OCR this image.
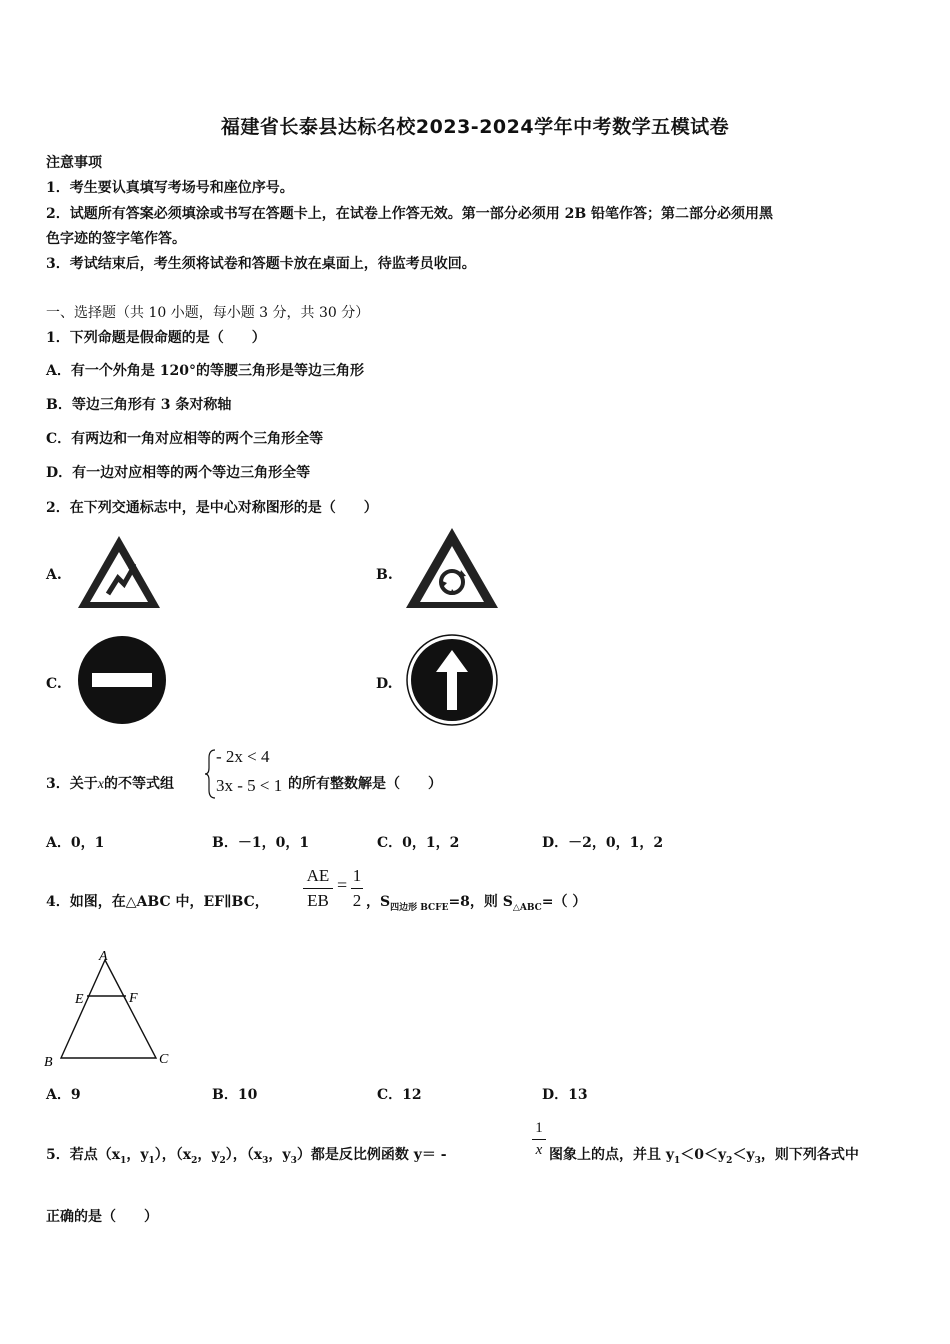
福建省长泰县达标名校2023-2024学年中考数学五模试卷
注意事项
1．考生要认真填写考场号和座位序号。
2．试题所有答案必须填涂或书写在答题卡上，在试卷上作答无效。第一部分必须用 2B 铅笔作答；第二部分必须用黑
色字迹的签字笔作答。
3．考试结束后，考生须将试卷和答题卡放在桌面上，待监考员收回。
一、选择题（共 10 小题，每小题 3 分，共 30 分）
1．下列命题是假命题的是（　　）
A．有一个外角是 120°的等腰三角形是等边三角形
B．等边三角形有 3 条对称轴
C．有两边和一角对应相等的两个三角形全等
D．有一边对应相等的两个等边三角形全等
2．在下列交通标志中，是中心对称图形的是（　　）
A.	B.
C.	D.
3．关于x的不等式组
- 2x < 4
3x - 5 < 1 的所有整数解是（　　）
A．0，1	B．－1，0，1	C．0，1，2	D．－2，0，1，2
4．如图，在△ABC 中，EF∥BC， $\frac{AE}{EB} = \frac{1}{2}$ ，$S_{四边形 BCFE}=8$，则 $S_{\triangle ABC}=$（ ）
A
E	F
B	C
A．9	B．10	C．12	D．13
5．若点（$x_1$，$y_1$），（$x_2$，$y_2$），（$x_3$，$y_3$）都是反比例函数 y＝ -	$\frac{1}{x}$ 图象上的点，并且 $y_1<0<y_2<y_3$，则下列各式中
正确的是（　　）
